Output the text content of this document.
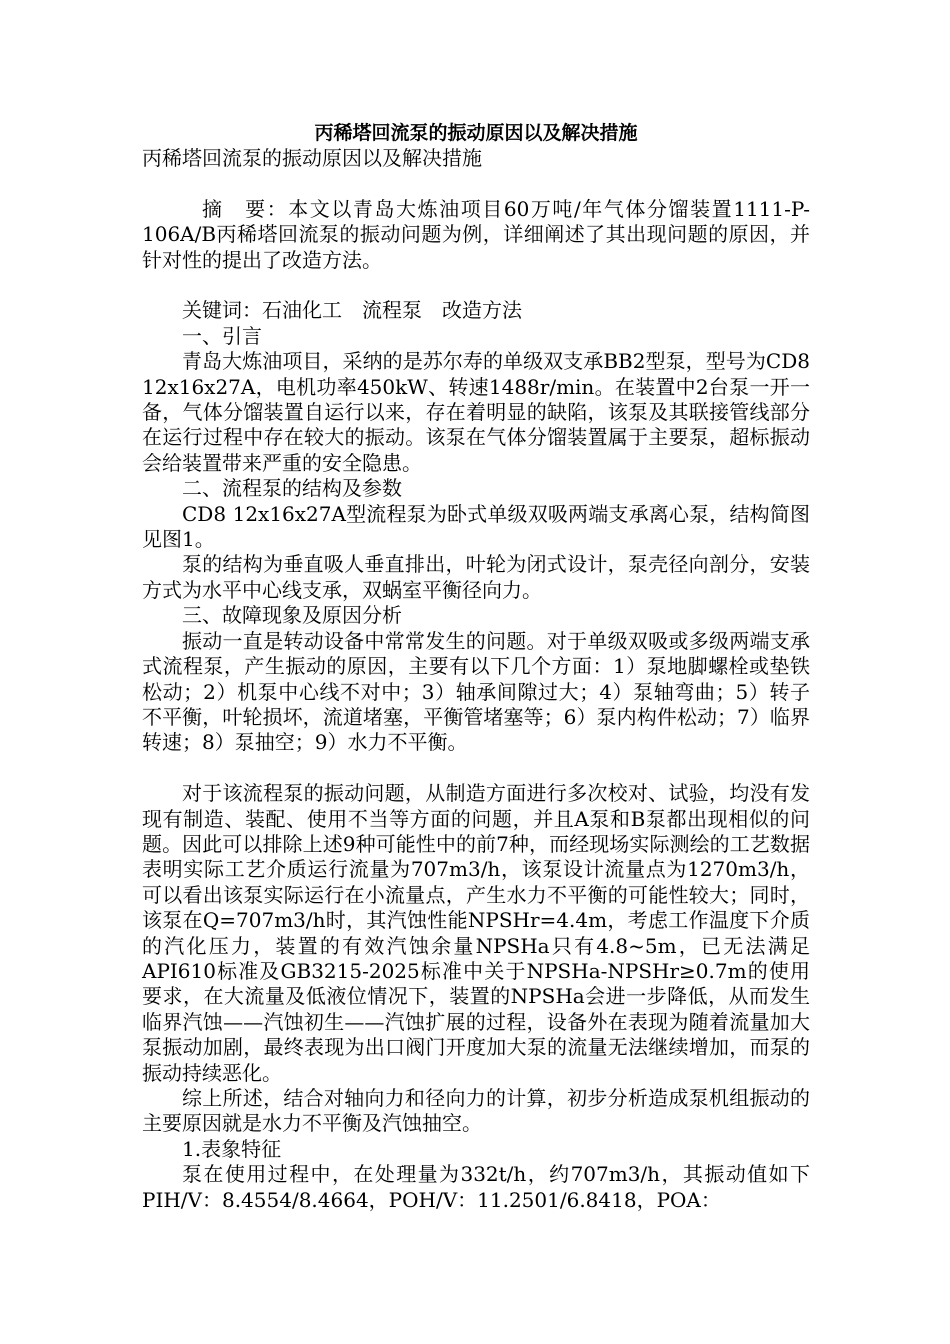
丙稀塔回流泵的振动原因以及解决措施

丙稀塔回流泵的振动原因以及解决措施

摘　要：本文以青岛大炼油项目60万吨/年气体分馏装置1111-P-106A/B丙稀塔回流泵的振动问题为例，详细阐述了其出现问题的原因，并针对性的提出了改造方法。

关键词：石油化工　流程泵　改造方法

一、引言

青岛大炼油项目，采纳的是苏尔寿的单级双支承BB2型泵，型号为CD8 12x16x27A，电机功率450kW、转速1488r/min。在装置中2台泵一开一备，气体分馏装置自运行以来，存在着明显的缺陷，该泵及其联接管线部分在运行过程中存在较大的振动。该泵在气体分馏装置属于主要泵，超标振动会给装置带来严重的安全隐患。

二、流程泵的结构及参数

CD8 12x16x27A型流程泵为卧式单级双吸两端支承离心泵，结构简图见图1。

泵的结构为垂直吸人垂直排出，叶轮为闭式设计，泵壳径向剖分，安装方式为水平中心线支承，双蜗室平衡径向力。

三、故障现象及原因分析

振动一直是转动设备中常常发生的问题。对于单级双吸或多级两端支承式流程泵，产生振动的原因，主要有以下几个方面：1）泵地脚螺栓或垫铁松动；2）机泵中心线不对中；3）轴承间隙过大；4）泵轴弯曲；5）转子不平衡，叶轮损坏，流道堵塞，平衡管堵塞等；6）泵内构件松动；7）临界转速；8）泵抽空；9）水力不平衡。

对于该流程泵的振动问题，从制造方面进行多次校对、试验，均没有发现有制造、装配、使用不当等方面的问题，并且A泵和B泵都出现相似的问题。因此可以排除上述9种可能性中的前7种，而经现场实际测绘的工艺数据表明实际工艺介质运行流量为707m3/h，该泵设计流量点为1270m3/h，可以看出该泵实际运行在小流量点，产生水力不平衡的可能性较大；同时，该泵在Q=707m3/h时，其汽蚀性能NPSHr=4.4m，考虑工作温度下介质的汽化压力，装置的有效汽蚀余量NPSHa只有4.8~5m，已无法满足API610标准及GB3215-2025标准中关于NPSHa-NPSHr≥0.7m的使用要求，在大流量及低液位情况下，装置的NPSHa会进一步降低，从而发生临界汽蚀——汽蚀初生——汽蚀扩展的过程，设备外在表现为随着流量加大泵振动加剧，最终表现为出口阀门开度加大泵的流量无法继续增加，而泵的振动持续恶化。

综上所述，结合对轴向力和径向力的计算，初步分析造成泵机组振动的主要原因就是水力不平衡及汽蚀抽空。

1.表象特征

泵在使用过程中，在处理量为332t/h，约707m3/h，其振动值如下PIH/V：8.4554/8.4664，POH/V：11.2501/6.8418，POA：
